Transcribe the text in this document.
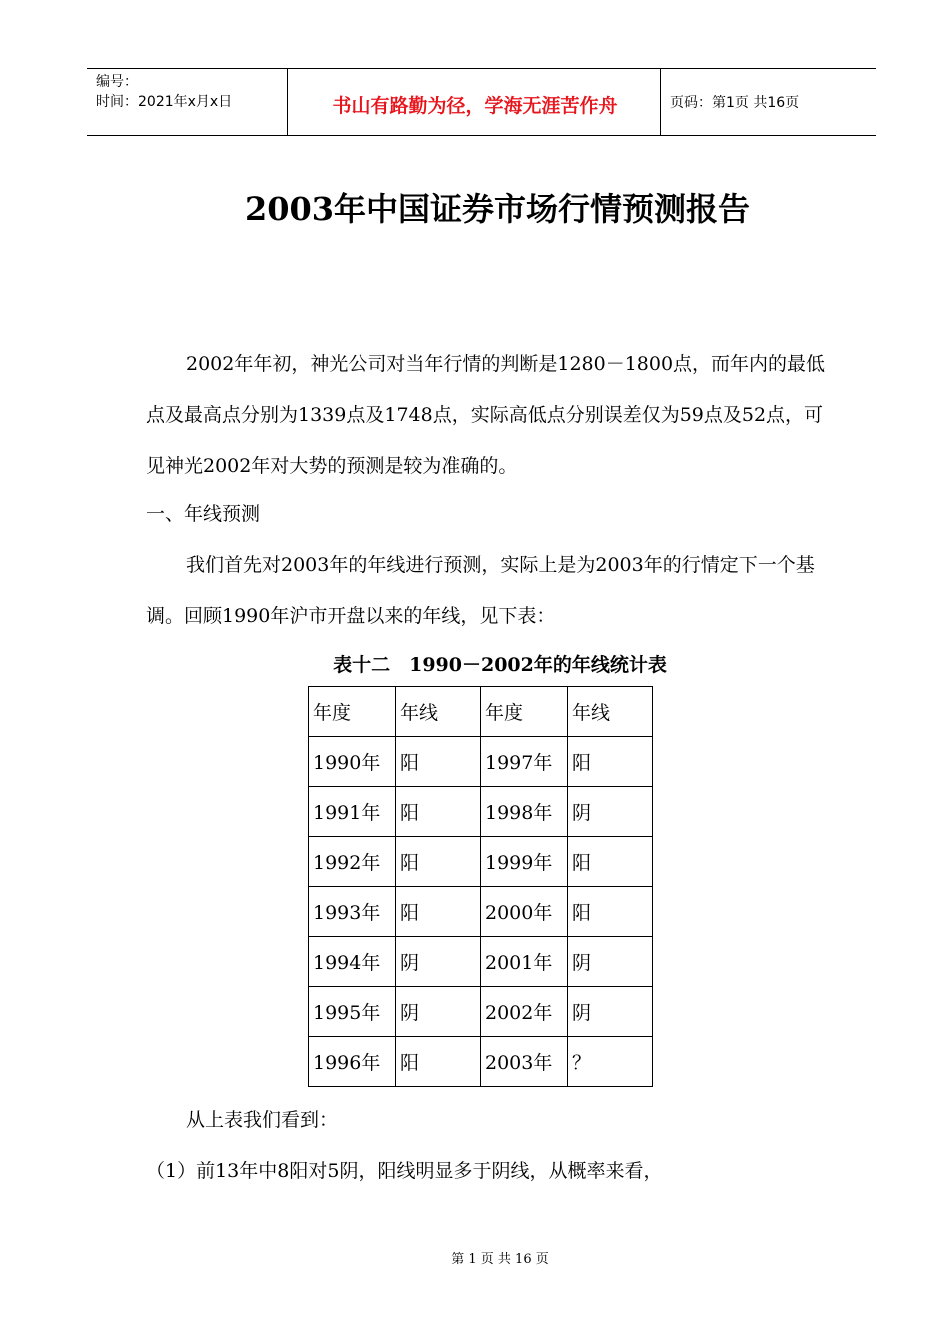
编号：
时间：2021年x月x日	书山有路勤为径，学海无涯苦作舟	页码：第1页 共16页
2003年中国证券市场行情预测报告
2002年年初，神光公司对当年行情的判断是1280－1800点，而年内的最低点及最高点分别为1339点及1748点，实际高低点分别误差仅为59点及52点，可见神光2002年对大势的预测是较为准确的。
一、年线预测
我们首先对2003年的年线进行预测，实际上是为2003年的行情定下一个基调。回顾1990年沪市开盘以来的年线，见下表：
表十二　1990－2002年的年线统计表
年度	年线	年度	年线
1990年	阳	1997年	阳
1991年	阳	1998年	阴
1992年	阳	1999年	阳
1993年	阳	2000年	阳
1994年	阴	2001年	阴
1995年	阴	2002年	阴
1996年	阳	2003年	？
从上表我们看到：
（1）前13年中8阳对5阴，阳线明显多于阴线，从概率来看，
第 1 页 共 16 页
